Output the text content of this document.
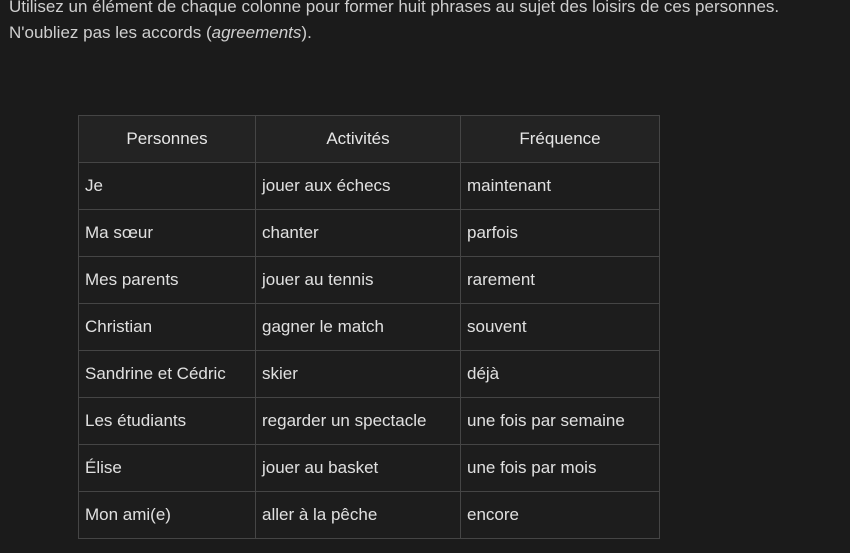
Utilisez un élément de chaque colonne pour former huit phrases au sujet des loisirs de ces personnes.
N'oubliez pas les accords (agreements).

Personnes	Activités	Fréquence
Je	jouer aux échecs	maintenant
Ma sœur	chanter	parfois
Mes parents	jouer au tennis	rarement
Christian	gagner le match	souvent
Sandrine et Cédric	skier	déjà
Les étudiants	regarder un spectacle	une fois par semaine
Élise	jouer au basket	une fois par mois
Mon ami(e)	aller à la pêche	encore
